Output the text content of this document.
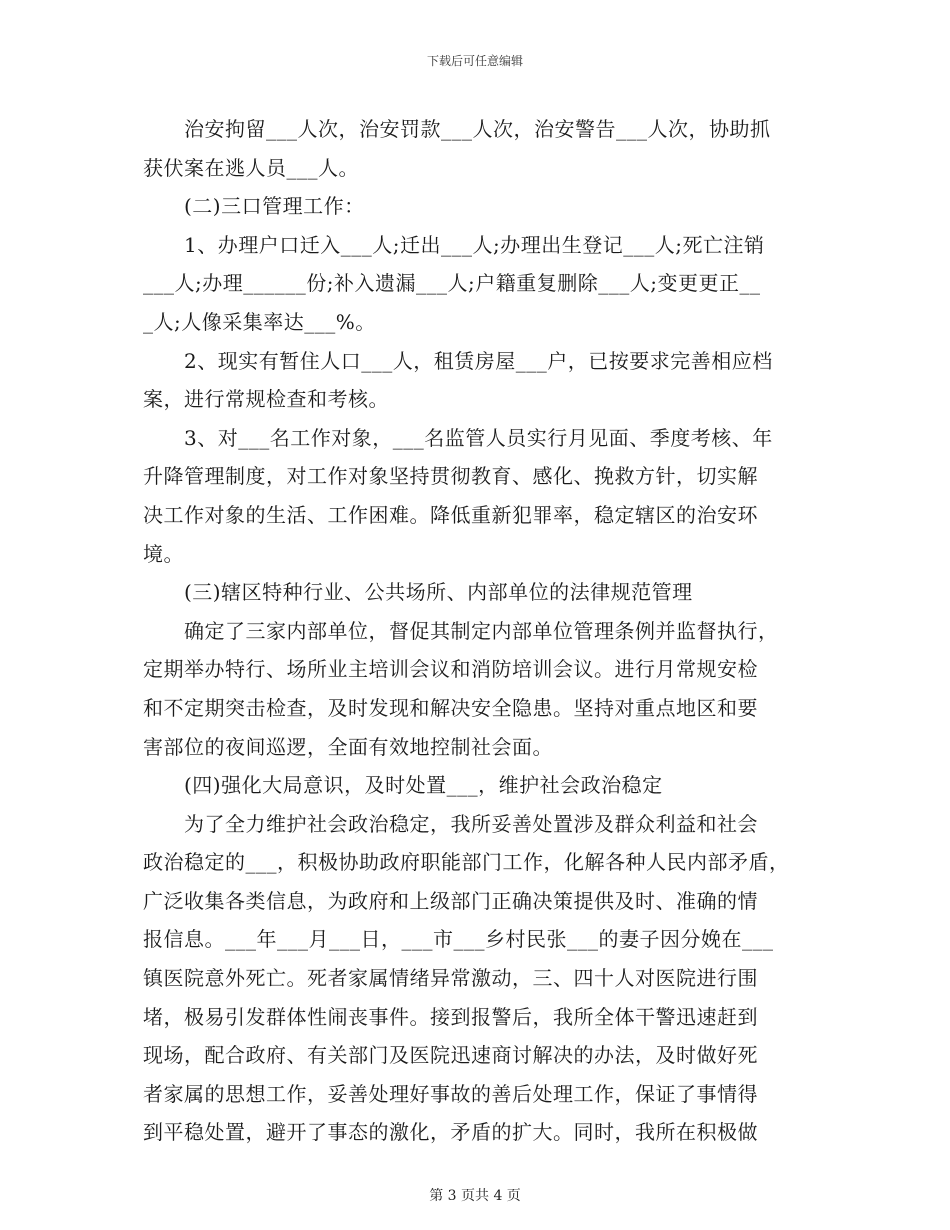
下载后可任意编辑
　　治安拘留___人次，治安罚款___人次，治安警告___人次，协助抓
获伏案在逃人员___人。
　　(二)三口管理工作：
　　1、办理户口迁入___人;迁出___人;办理出生登记___人;死亡注销
___人;办理______份;补入遗漏___人;户籍重复删除___人;变更更正__
_人;人像采集率达___%。
　　2、现实有暂住人口___人，租赁房屋___户，已按要求完善相应档
案，进行常规检查和考核。
　　3、对___名工作对象，___名监管人员实行月见面、季度考核、年
升降管理制度，对工作对象坚持贯彻教育、感化、挽救方针，切实解
决工作对象的生活、工作困难。降低重新犯罪率，稳定辖区的治安环
境。
　　(三)辖区特种行业、公共场所、内部单位的法律规范管理
　　确定了三家内部单位，督促其制定内部单位管理条例并监督执行，
定期举办特行、场所业主培训会议和消防培训会议。进行月常规安检
和不定期突击检查，及时发现和解决安全隐患。坚持对重点地区和要
害部位的夜间巡逻，全面有效地控制社会面。
　　(四)强化大局意识，及时处置___，维护社会政治稳定
　　为了全力维护社会政治稳定，我所妥善处置涉及群众利益和社会
政治稳定的___，积极协助政府职能部门工作，化解各种人民内部矛盾，
广泛收集各类信息，为政府和上级部门正确决策提供及时、准确的情
报信息。___年___月___日，___市___乡村民张___的妻子因分娩在___
镇医院意外死亡。死者家属情绪异常激动，三、四十人对医院进行围
堵，极易引发群体性闹丧事件。接到报警后，我所全体干警迅速赶到
现场，配合政府、有关部门及医院迅速商讨解决的办法，及时做好死
者家属的思想工作，妥善处理好事故的善后处理工作，保证了事情得
到平稳处置，避开了事态的激化，矛盾的扩大。同时，我所在积极做
第 3 页共 4 页
